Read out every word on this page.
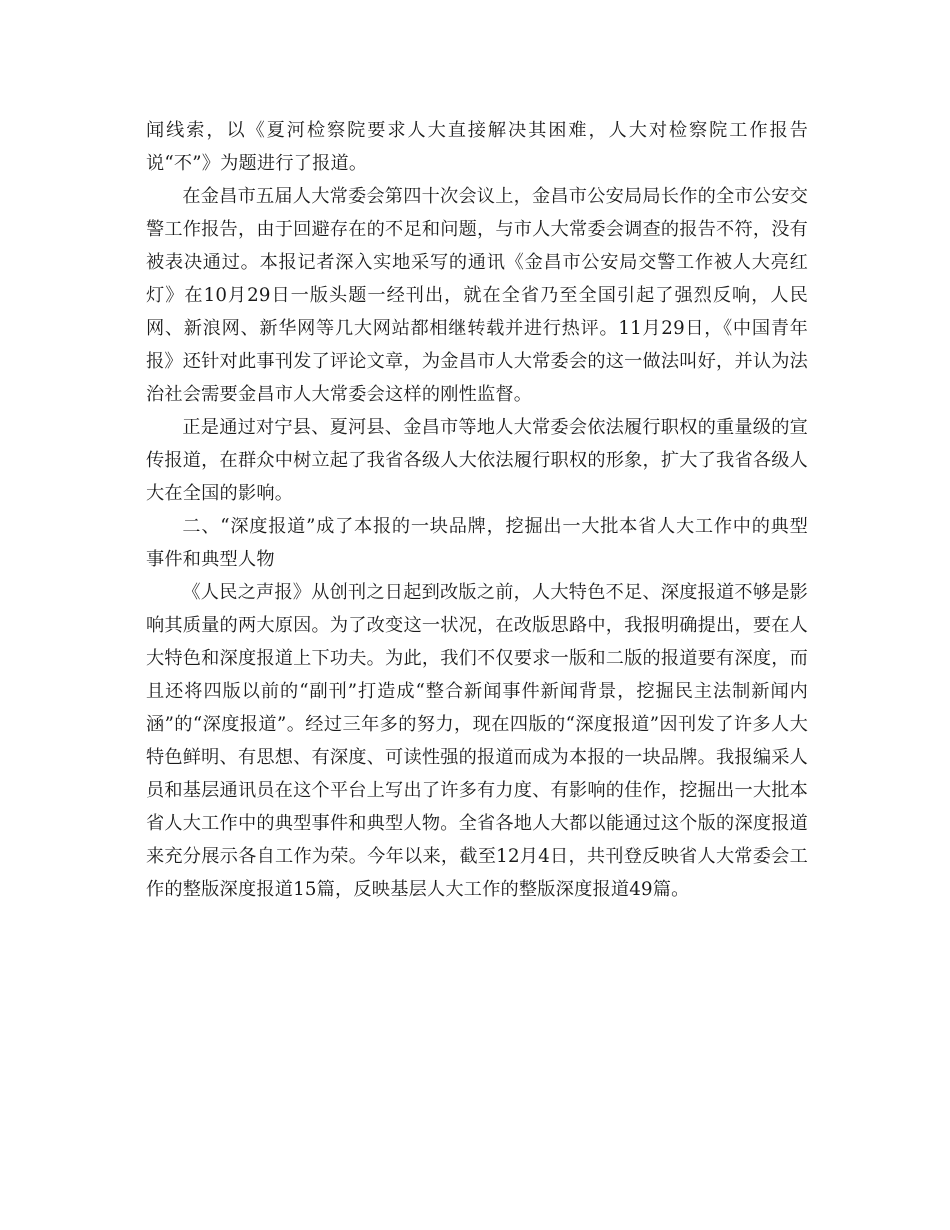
闻线索，以《夏河检察院要求人大直接解决其困难，人大对检察院工作报告说“不”》为题进行了报道。

在金昌市五届人大常委会第四十次会议上，金昌市公安局局长作的全市公安交警工作报告，由于回避存在的不足和问题，与市人大常委会调查的报告不符，没有被表决通过。本报记者深入实地采写的通讯《金昌市公安局交警工作被人大亮红灯》在10月29日一版头题一经刊出，就在全省乃至全国引起了强烈反响，人民网、新浪网、新华网等几大网站都相继转载并进行热评。11月29日，《中国青年报》还针对此事刊发了评论文章，为金昌市人大常委会的这一做法叫好，并认为法治社会需要金昌市人大常委会这样的刚性监督。

正是通过对宁县、夏河县、金昌市等地人大常委会依法履行职权的重量级的宣传报道，在群众中树立起了我省各级人大依法履行职权的形象，扩大了我省各级人大在全国的影响。

二、“深度报道”成了本报的一块品牌，挖掘出一大批本省人大工作中的典型事件和典型人物

《人民之声报》从创刊之日起到改版之前，人大特色不足、深度报道不够是影响其质量的两大原因。为了改变这一状况，在改版思路中，我报明确提出，要在人大特色和深度报道上下功夫。为此，我们不仅要求一版和二版的报道要有深度，而且还将四版以前的“副刊”打造成“整合新闻事件新闻背景，挖掘民主法制新闻内涵”的“深度报道”。经过三年多的努力，现在四版的“深度报道”因刊发了许多人大特色鲜明、有思想、有深度、可读性强的报道而成为本报的一块品牌。我报编采人员和基层通讯员在这个平台上写出了许多有力度、有影响的佳作，挖掘出一大批本省人大工作中的典型事件和典型人物。全省各地人大都以能通过这个版的深度报道来充分展示各自工作为荣。今年以来，截至12月4日，共刊登反映省人大常委会工作的整版深度报道15篇，反映基层人大工作的整版深度报道49篇。
